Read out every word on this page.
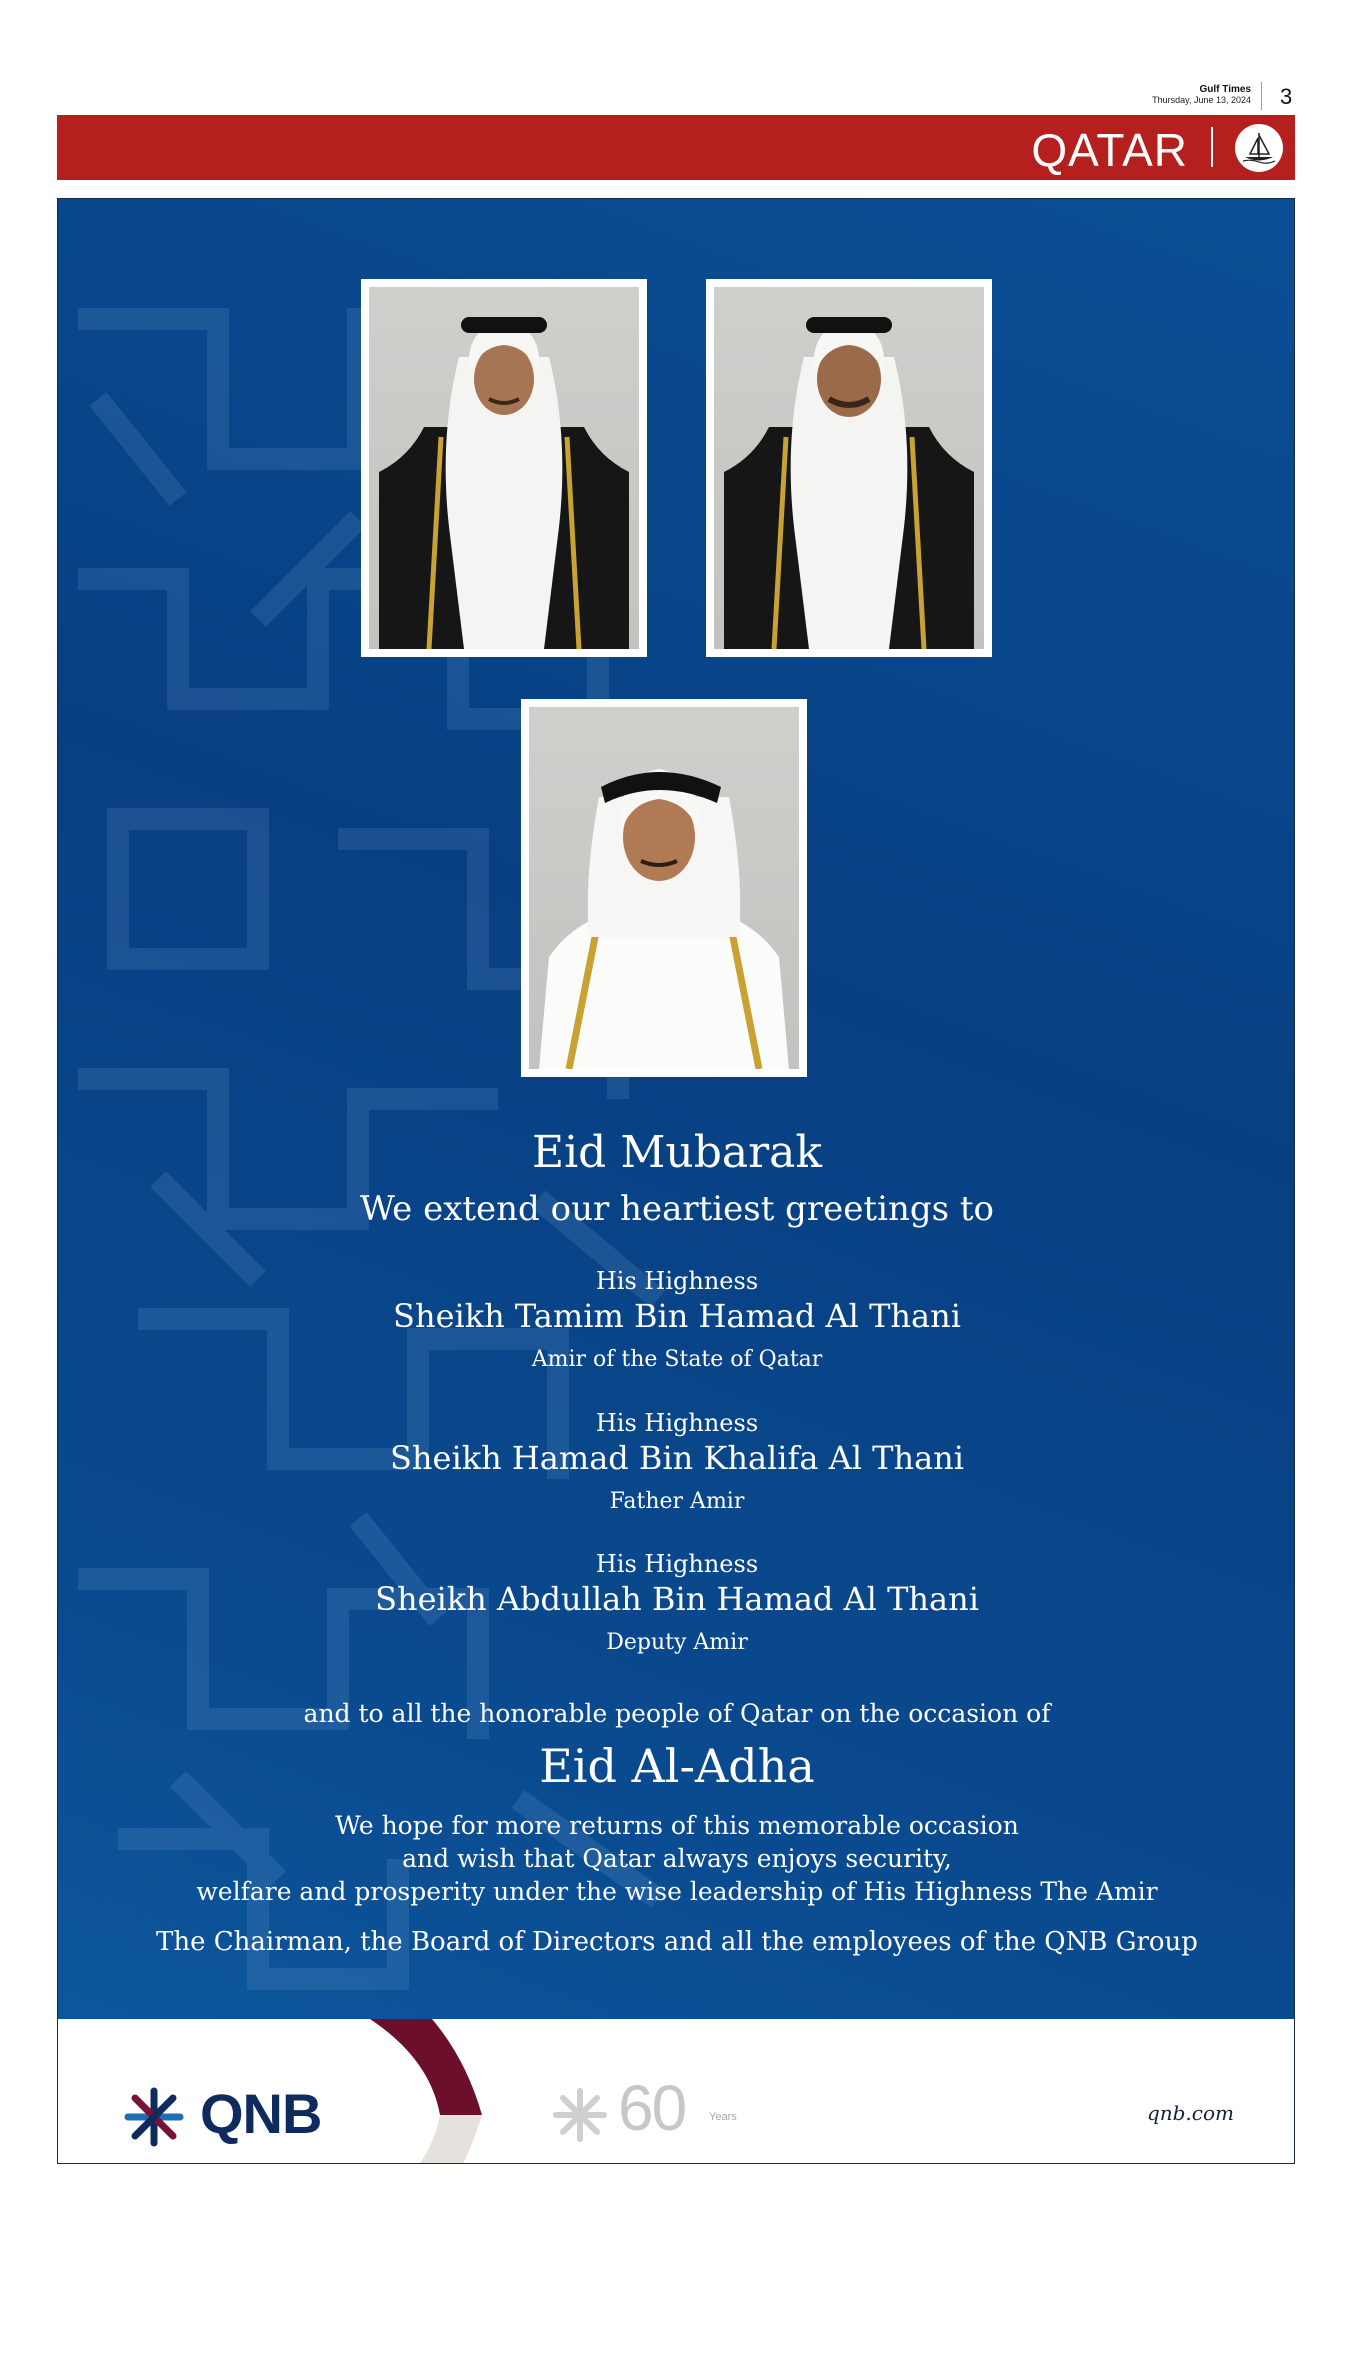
Gulf Times
Thursday, June 13, 2024 3
QATAR
Eid Mubarak
We extend our heartiest greetings to
His Highness
Sheikh Tamim Bin Hamad Al Thani
Amir of the State of Qatar
His Highness
Sheikh Hamad Bin Khalifa Al Thani
Father Amir
His Highness
Sheikh Abdullah Bin Hamad Al Thani
Deputy Amir
and to all the honorable people of Qatar on the occasion of
Eid Al-Adha
We hope for more returns of this memorable occasion
and wish that Qatar always enjoys security,
welfare and prosperity under the wise leadership of His Highness The Amir
The Chairman, the Board of Directors and all the employees of the QNB Group
QNB	60 Years	qnb.com
